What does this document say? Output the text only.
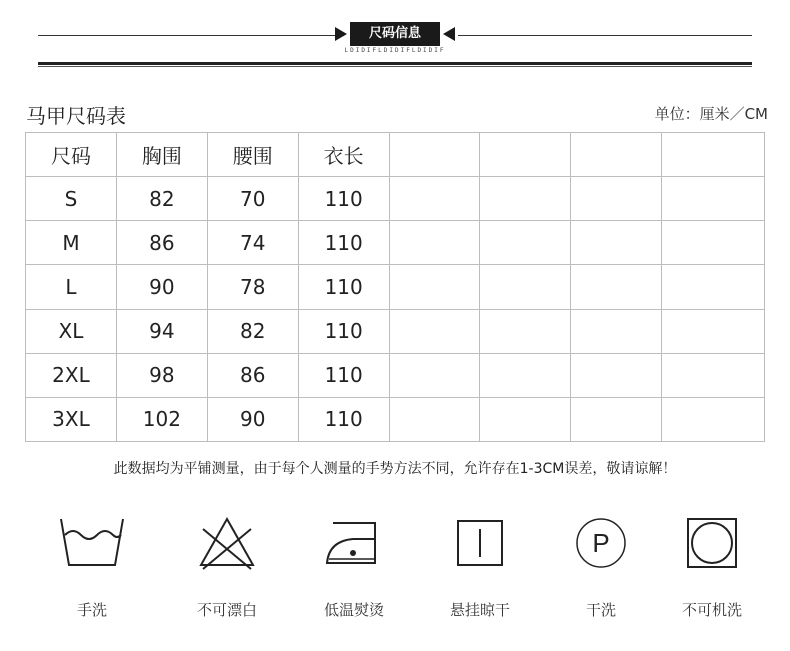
尺码信息
LDIDIFLDIDIFLDIDIF
马甲尺码表	单位：厘米／CM
尺码	胸围	腰围	衣长				
S	82	70	110				
M	86	74	110				
L	90	78	110				
XL	94	82	110				
2XL	98	86	110				
3XL	102	90	110				
此数据均为平铺测量，由于每个人测量的手势方法不同，允许存在1-3CM误差，敬请谅解！
手洗	不可漂白	低温熨烫	悬挂晾干
P
干洗	不可机洗
